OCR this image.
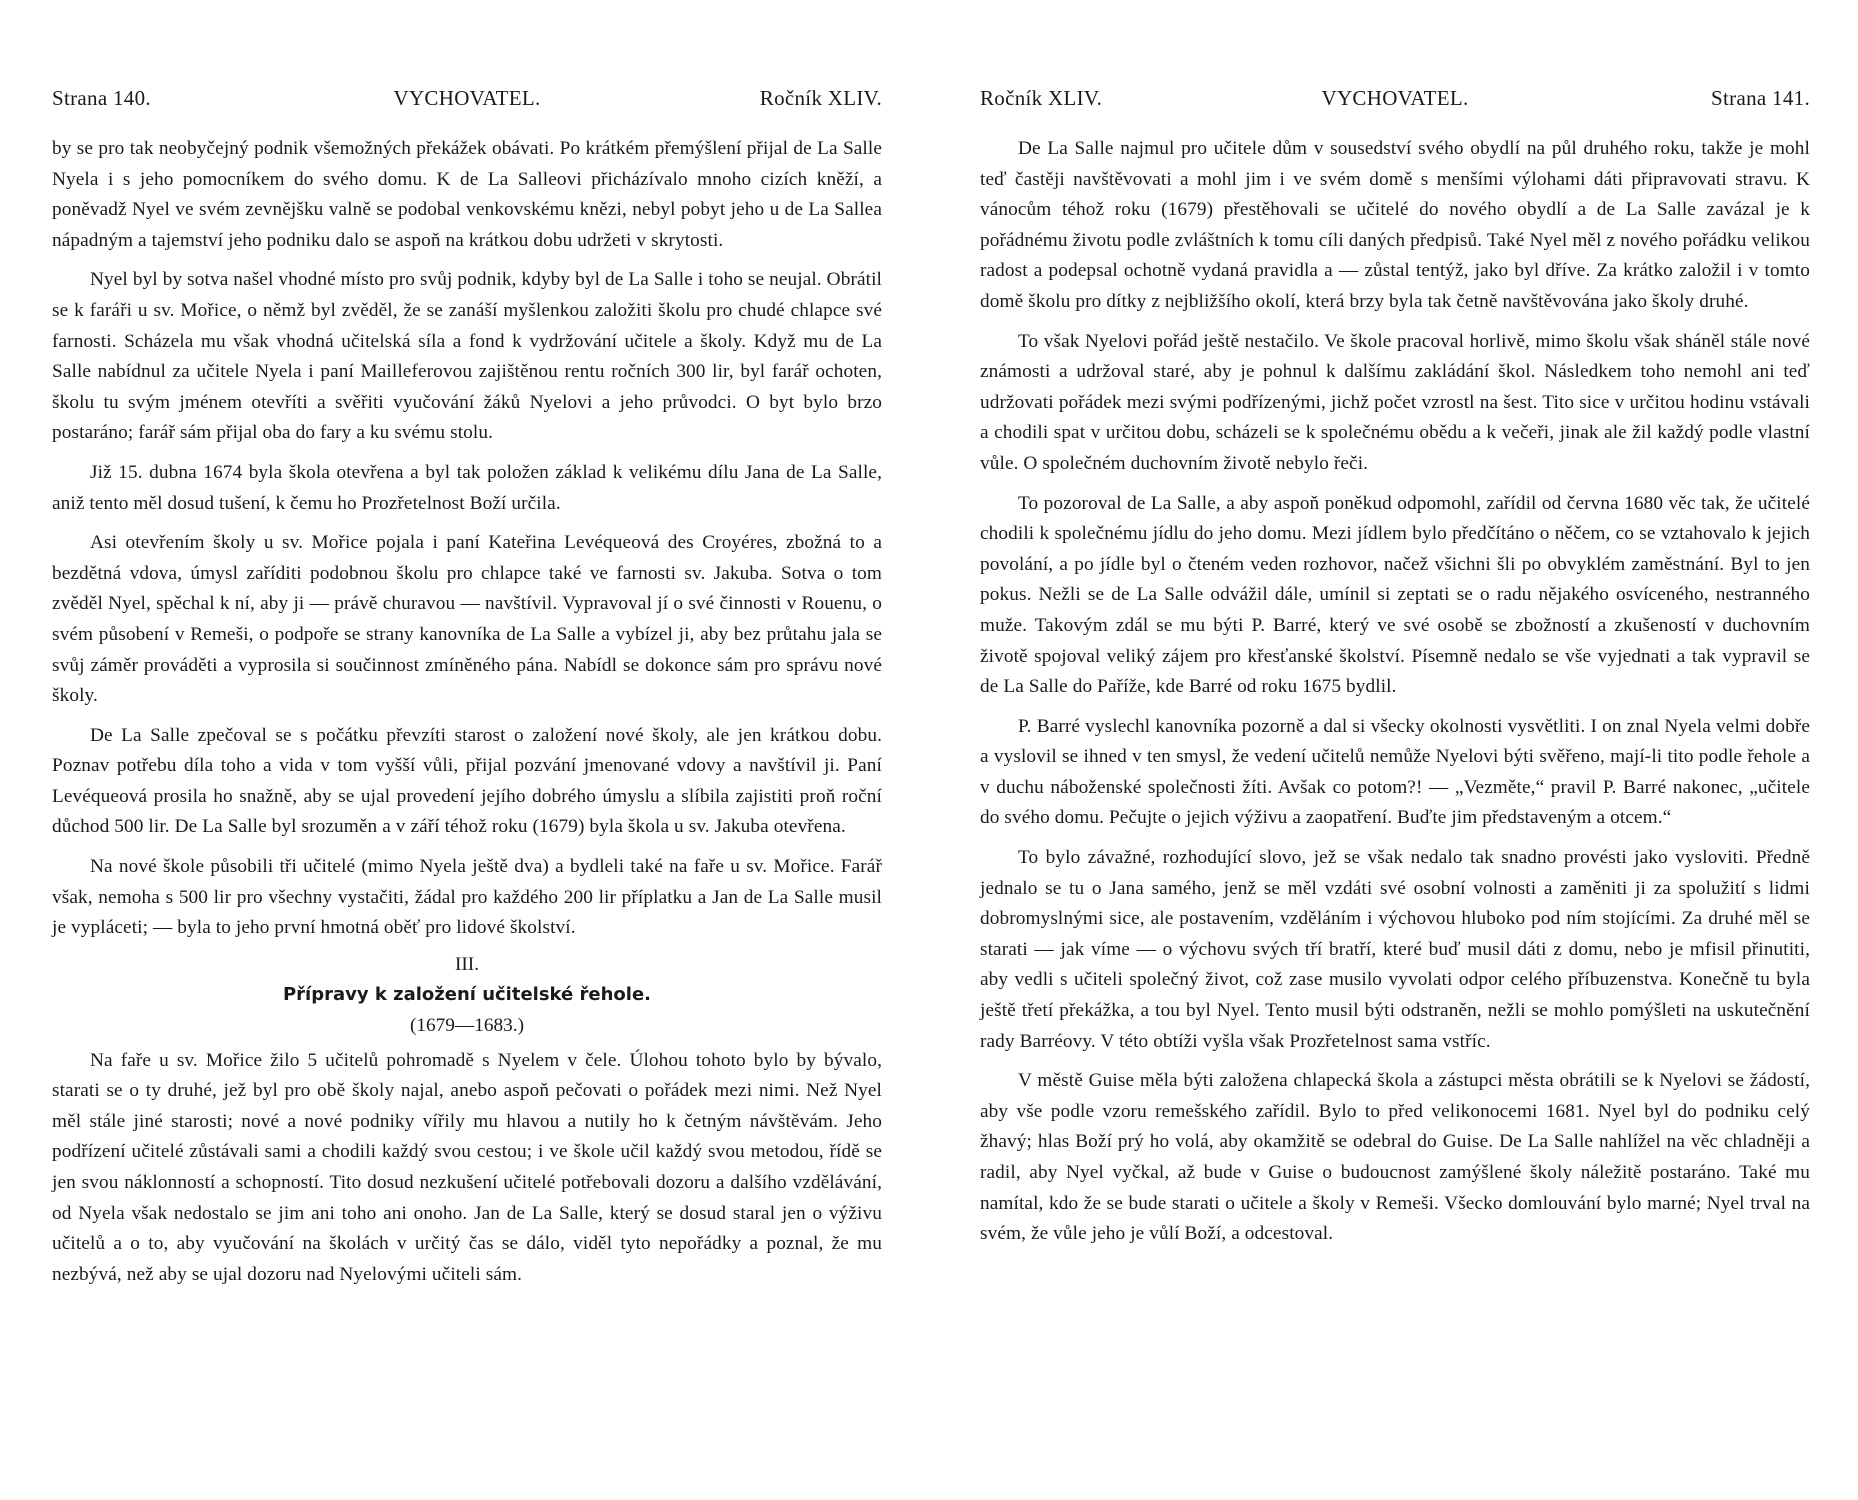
Strana 140.	VYCHOVATEL.	Ročník XLIV.

by se pro tak neobyčejný podnik všemožných překážek obávati. Po krátkém přemýšlení přijal de La Salle Nyela i s jeho pomocníkem do svého domu. K de La Salleovi přicházívalo mnoho cizích kněží, a poněvadž Nyel ve svém zevnějšku valně se podobal venkovskému knězi, nebyl pobyt jeho u de La Sallea nápadným a tajemství jeho podniku dalo se aspoň na krátkou dobu udržeti v skrytosti.

Nyel byl by sotva našel vhodné místo pro svůj podnik, kdyby byl de La Salle i toho se neujal. Obrátil se k faráři u sv. Mořice, o němž byl zvěděl, že se zanáší myšlenkou založiti školu pro chudé chlapce své farnosti. Scházela mu však vhodná učitelská síla a fond k vydržování učitele a školy. Když mu de La Salle nabídnul za učitele Nyela i paní Mailleferovou zajištěnou rentu ročních 300 lir, byl farář ochoten, školu tu svým jménem otevříti a svěřiti vyučování žáků Nyelovi a jeho průvodci. O byt bylo brzo postaráno; farář sám přijal oba do fary a ku svému stolu.

Již 15. dubna 1674 byla škola otevřena a byl tak položen základ k velikému dílu Jana de La Salle, aniž tento měl dosud tušení, k čemu ho Prozřetelnost Boží určila.

Asi otevřením školy u sv. Mořice pojala i paní Kateřina Levéqueová des Croyéres, zbožná to a bezdětná vdova, úmysl zaříditi podobnou školu pro chlapce také ve farnosti sv. Jakuba. Sotva o tom zvěděl Nyel, spěchal k ní, aby ji — právě churavou — navštívil. Vypravoval jí o své činnosti v Rouenu, o svém působení v Remeši, o podpoře se strany kanovníka de La Salle a vybízel ji, aby bez průtahu jala se svůj záměr prováděti a vyprosila si součinnost zmíněného pána. Nabídl se dokonce sám pro správu nové školy.

De La Salle zpečoval se s počátku převzíti starost o založení nové školy, ale jen krátkou dobu. Poznav potřebu díla toho a vida v tom vyšší vůli, přijal pozvání jmenované vdovy a navštívil ji. Paní Levéqueová prosila ho snažně, aby se ujal provedení jejího dobrého úmyslu a slíbila zajistiti proň roční důchod 500 lir. De La Salle byl srozuměn a v září téhož roku (1679) byla škola u sv. Jakuba otevřena.

Na nové škole působili tři učitelé (mimo Nyela ještě dva) a bydleli také na faře u sv. Mořice. Farář však, nemoha s 500 lir pro všechny vystačiti, žádal pro každého 200 lir příplatku a Jan de La Salle musil je vypláceti; — byla to jeho první hmotná oběť pro lidové školství.

III.
Přípravy k založení učitelské řehole.
(1679—1683.)

Na faře u sv. Mořice žilo 5 učitelů pohromadě s Nyelem v čele. Úlohou tohoto bylo by bývalo, starati se o ty druhé, jež byl pro obě školy najal, anebo aspoň pečovati o pořádek mezi nimi. Než Nyel měl stále jiné starosti; nové a nové podniky vířily mu hlavou a nutily ho k četným návštěvám. Jeho podřízení učitelé zůstávali sami a chodili každý svou cestou; i ve škole učil každý svou metodou, řídě se jen svou náklonností a schopností. Tito dosud nezkušení učitelé potřebovali dozoru a dalšího vzdělávání, od Nyela však nedostalo se jim ani toho ani onoho. Jan de La Salle, který se dosud staral jen o výživu učitelů a o to, aby vyučování na školách v určitý čas se dálo, viděl tyto nepořádky a poznal, že mu nezbývá, než aby se ujal dozoru nad Nyelovými učiteli sám.

Ročník XLIV.	VYCHOVATEL.	Strana 141.

De La Salle najmul pro učitele dům v sousedství svého obydlí na půl druhého roku, takže je mohl teď častěji navštěvovati a mohl jim i ve svém domě s menšími výlohami dáti připravovati stravu. K vánocům téhož roku (1679) přestěhovali se učitelé do nového obydlí a de La Salle zavázal je k pořádnému životu podle zvláštních k tomu cíli daných předpisů. Také Nyel měl z nového pořádku velikou radost a podepsal ochotně vydaná pravidla a — zůstal tentýž, jako byl dříve. Za krátko založil i v tomto domě školu pro dítky z nejbližšího okolí, která brzy byla tak četně navštěvována jako školy druhé.

To však Nyelovi pořád ještě nestačilo. Ve škole pracoval horlivě, mimo školu však sháněl stále nové známosti a udržoval staré, aby je pohnul k dalšímu zakládání škol. Následkem toho nemohl ani teď udržovati pořádek mezi svými podřízenými, jichž počet vzrostl na šest. Tito sice v určitou hodinu vstávali a chodili spat v určitou dobu, scházeli se k společnému obědu a k večeři, jinak ale žil každý podle vlastní vůle. O společném duchovním životě nebylo řeči.

To pozoroval de La Salle, a aby aspoň poněkud odpomohl, zařídil od června 1680 věc tak, že učitelé chodili k společnému jídlu do jeho domu. Mezi jídlem bylo předčítáno o něčem, co se vztahovalo k jejich povolání, a po jídle byl o čteném veden rozhovor, načež všichni šli po obvyklém zaměstnání. Byl to jen pokus. Nežli se de La Salle odvážil dále, umínil si zeptati se o radu nějakého osvíceného, nestranného muže. Takovým zdál se mu býti P. Barré, který ve své osobě se zbožností a zkušeností v duchovním životě spojoval veliký zájem pro křesťanské školství. Písemně nedalo se vše vyjednati a tak vypravil se de La Salle do Paříže, kde Barré od roku 1675 bydlil.

P. Barré vyslechl kanovníka pozorně a dal si všecky okolnosti vysvětliti. I on znal Nyela velmi dobře a vyslovil se ihned v ten smysl, že vedení učitelů nemůže Nyelovi býti svěřeno, mají-li tito podle řehole a v duchu náboženské společnosti žíti. Avšak co potom?! — „Vezměte,“ pravil P. Barré nakonec, „učitele do svého domu. Pečujte o jejich výživu a zaopatření. Buďte jim představeným a otcem.“

To bylo závažné, rozhodující slovo, jež se však nedalo tak snadno provésti jako vysloviti. Předně jednalo se tu o Jana samého, jenž se měl vzdáti své osobní volnosti a zaměniti ji za spolužití s lidmi dobromyslnými sice, ale postavením, vzděláním i výchovou hluboko pod ním stojícími. Za druhé měl se starati — jak víme — o výchovu svých tří bratří, které buď musil dáti z domu, nebo je mfisil přinutiti, aby vedli s učiteli společný život, což zase musilo vyvolati odpor celého příbuzenstva. Konečně tu byla ještě třetí překážka, a tou byl Nyel. Tento musil býti odstraněn, nežli se mohlo pomýšleti na uskutečnění rady Barréovy. V této obtíži vyšla však Prozřetelnost sama vstříc.

V městě Guise měla býti založena chlapecká škola a zástupci města obrátili se k Nyelovi se žádostí, aby vše podle vzoru remešského zařídil. Bylo to před velikonocemi 1681. Nyel byl do podniku celý žhavý; hlas Boží prý ho volá, aby okamžitě se odebral do Guise. De La Salle nahlížel na věc chladněji a radil, aby Nyel vyčkal, až bude v Guise o budoucnost zamýšlené školy náležitě postaráno. Také mu namítal, kdo že se bude starati o učitele a školy v Remeši. Všecko domlouvání bylo marné; Nyel trval na svém, že vůle jeho je vůlí Boží, a odcestoval.
